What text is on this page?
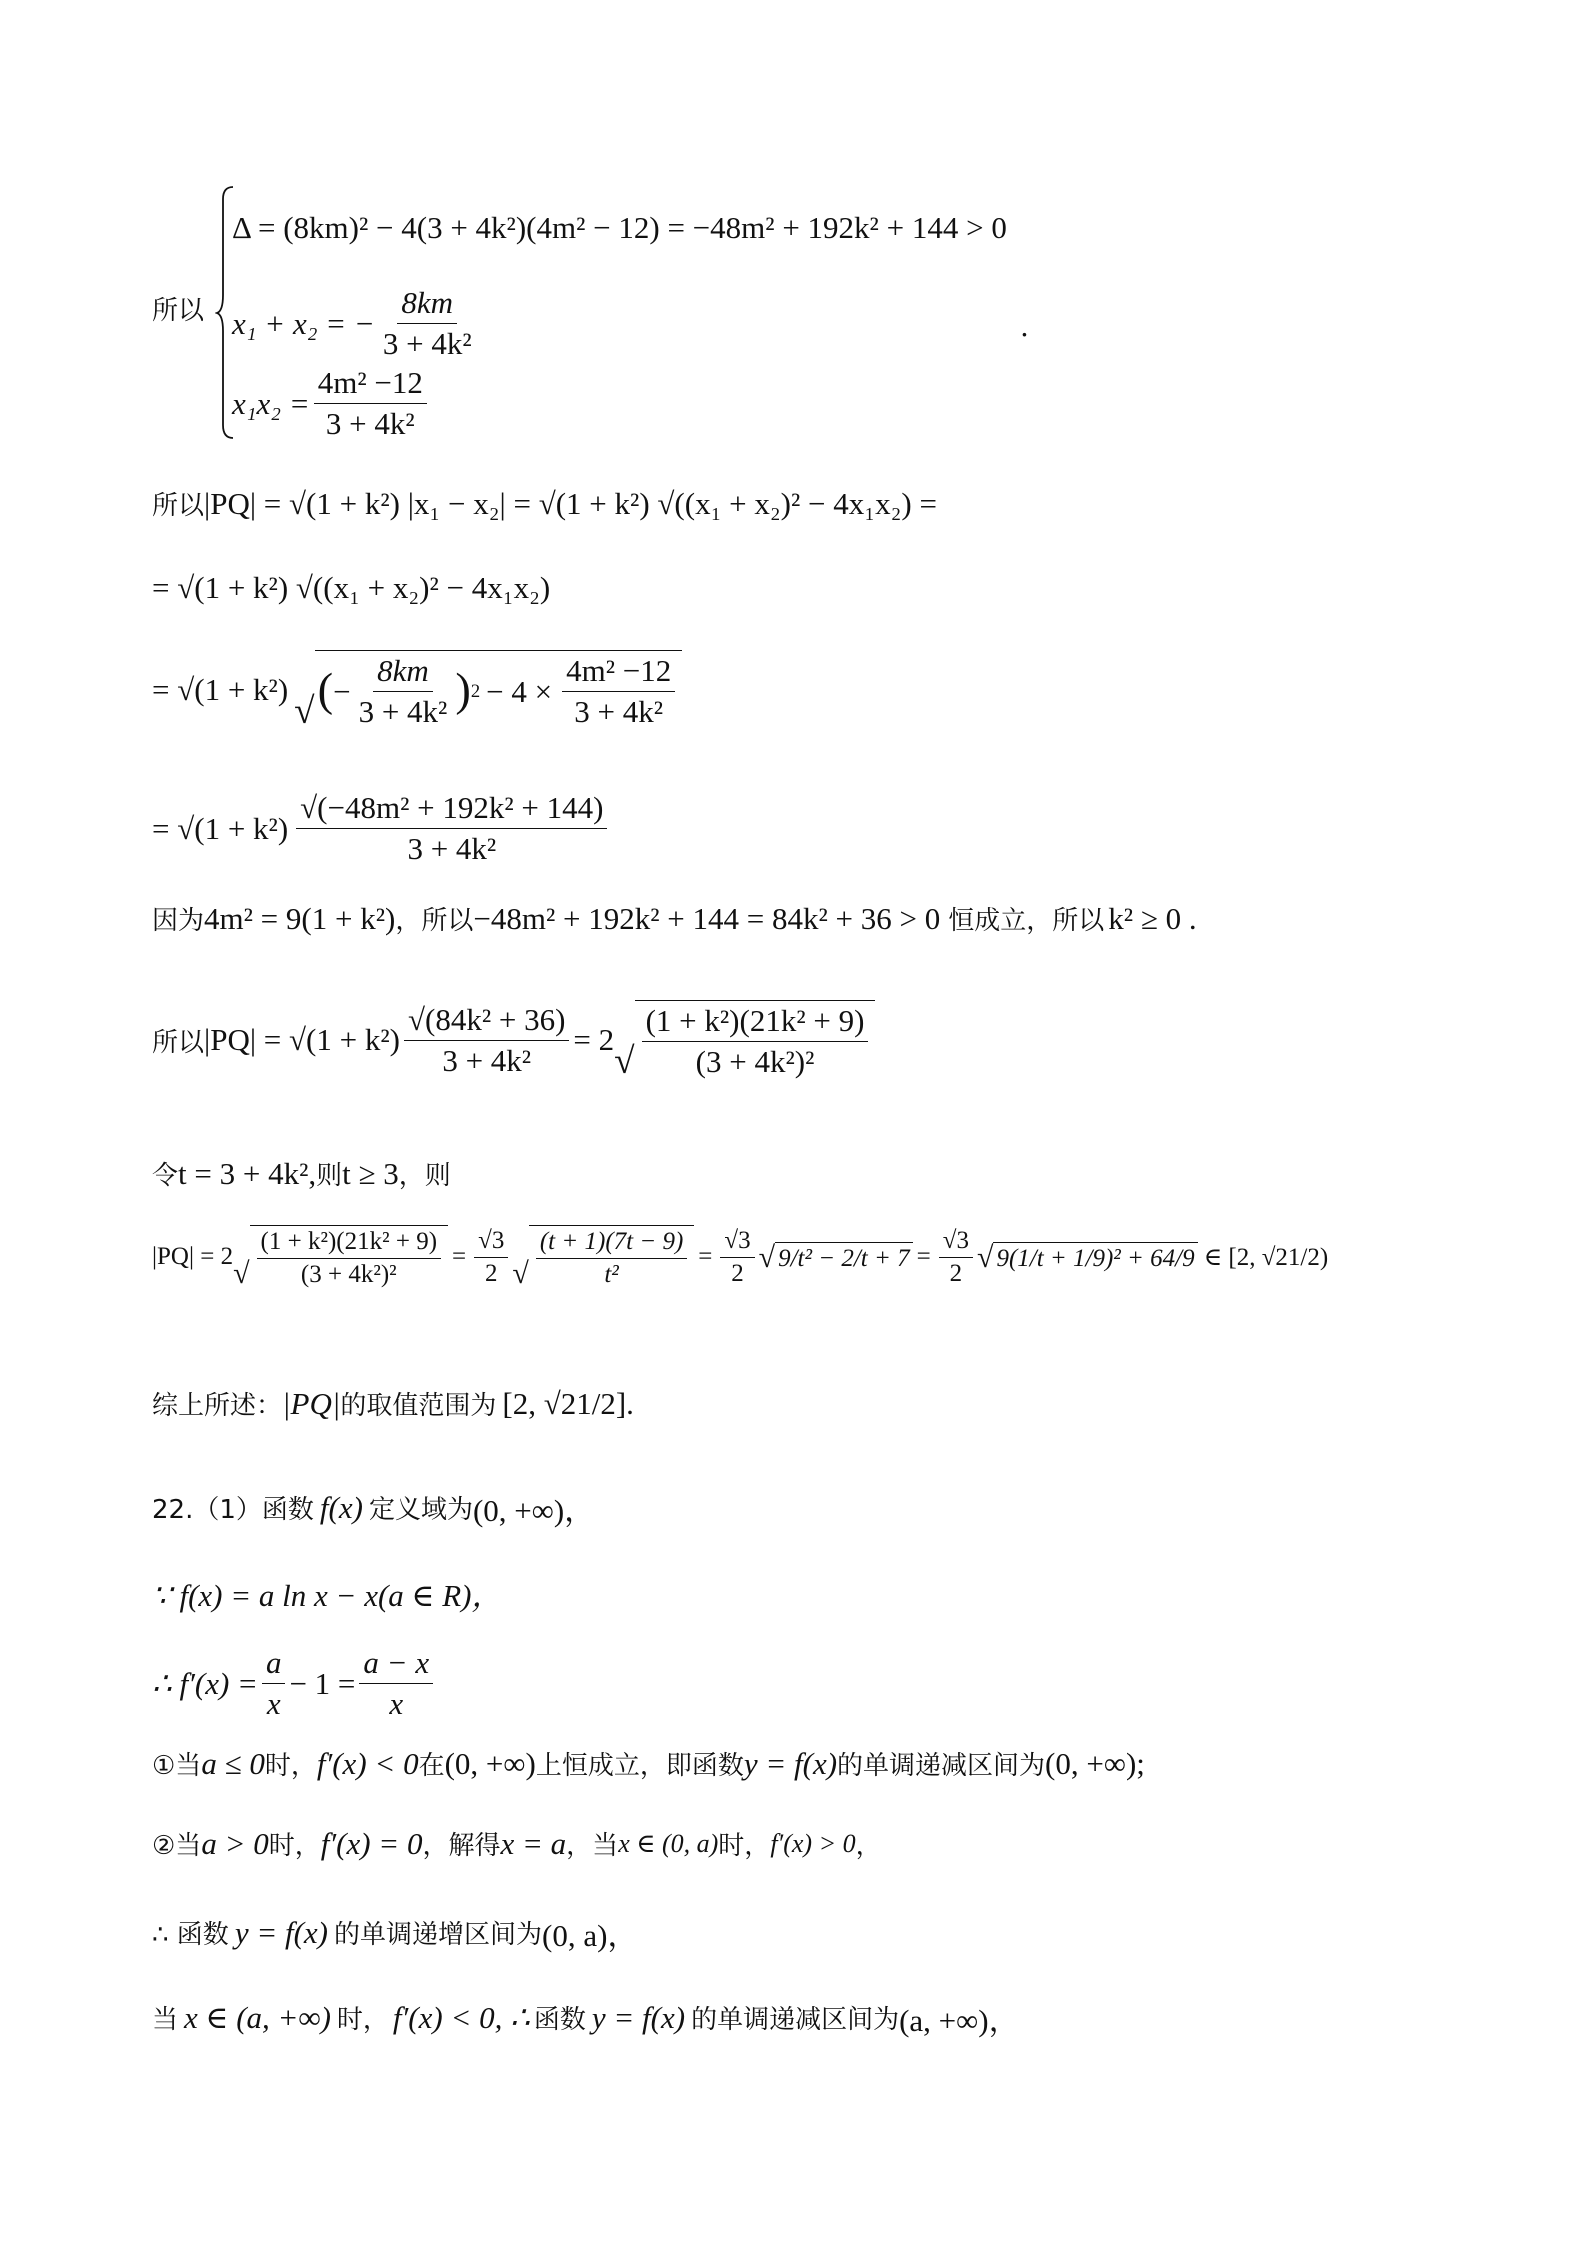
所以
Δ = (8km)² − 4(3 + 4k²)(4m² − 12) = −48m² + 192k² + 144 > 0
x₁ + x₂ = − $\frac{8km}{\text{3 + 4k²}}$
$x_1x_2 = \frac{\text{4m² −12}}{\text{3 + 4k²}}$
.
所以 |PQ| = √(1 + k²) |x₁ − x₂| = √(1 + k²) √((x₁ + x₂)² − 4x₁x₂) =
= √(1 + k²) √((x₁ + x₂)² − 4x₁x₂)
= √(1 + k²)
√ ( − $\frac{8km}{\text{3 + 4k²}}$ ) $2 - 4 \times \frac{\text{4m² −12}}{\text{3 + 4k²}}$
= $√(1 + k^2) \frac{\text{√(−48m² + 192k² + 144)}}{\text{3 + 4k²}}$
因为 4m² = 9(1 + k²) ，所以 −48m² + 192k² + 144 = 84k² + 36 > 0 恒成立，所以 k² ≥ 0 .
所以 $|PQ| = √(1 + k^2) \frac{\text{√(84k² + 36)}}{\text{3 + 4k²}} = 2$
√ $\frac{\text{(1 + k²)(21k² + 9)}}{\text{(3 + 4k²)²}}$
令 t = 3 + 4k², 则 t ≥ 3 ，则
|PQ| = 2
√ $\frac{\text{(1 + k²)(21k² + 9)}}{\text{(3 + 4k²)²}} = \frac{√3}{2}$ √ $\frac{(t + 1)(7t - 9)}{\text{t²}} = \frac{√3}{2}$ √ $9/t^2 - 2/t + 7 = \frac{√3}{2}$ √ 9(1/t + 1/9)² + 64/9 ∈ [2, √21/2)
综上所述： |PQ| 的取值范围为 [2, √21/2].
22.（1）函数 f(x) 定义域为 (0, +∞)，
∵ f(x) = a ln x − x(a ∈ R)，
∴ $f'(x) = \frac{a}{x} - 1 = \frac{a - x}{x}$
①当 a ≤ 0 时， f′(x) < 0 在 (0, +∞) 上恒成立，即函数 y = f(x) 的单调递减区间为 (0, +∞);
②当 a > 0 时， f′(x) = 0 ，解得 x = a ，当 x ∈ (0, a) 时， f′(x) > 0 ，
∴ 函数 y = f(x) 的单调递增区间为 (0, a)，
当 x ∈ (a, +∞) 时， f′(x) < 0, ∴ 函数 y = f(x) 的单调递减区间为 (a, +∞)，
